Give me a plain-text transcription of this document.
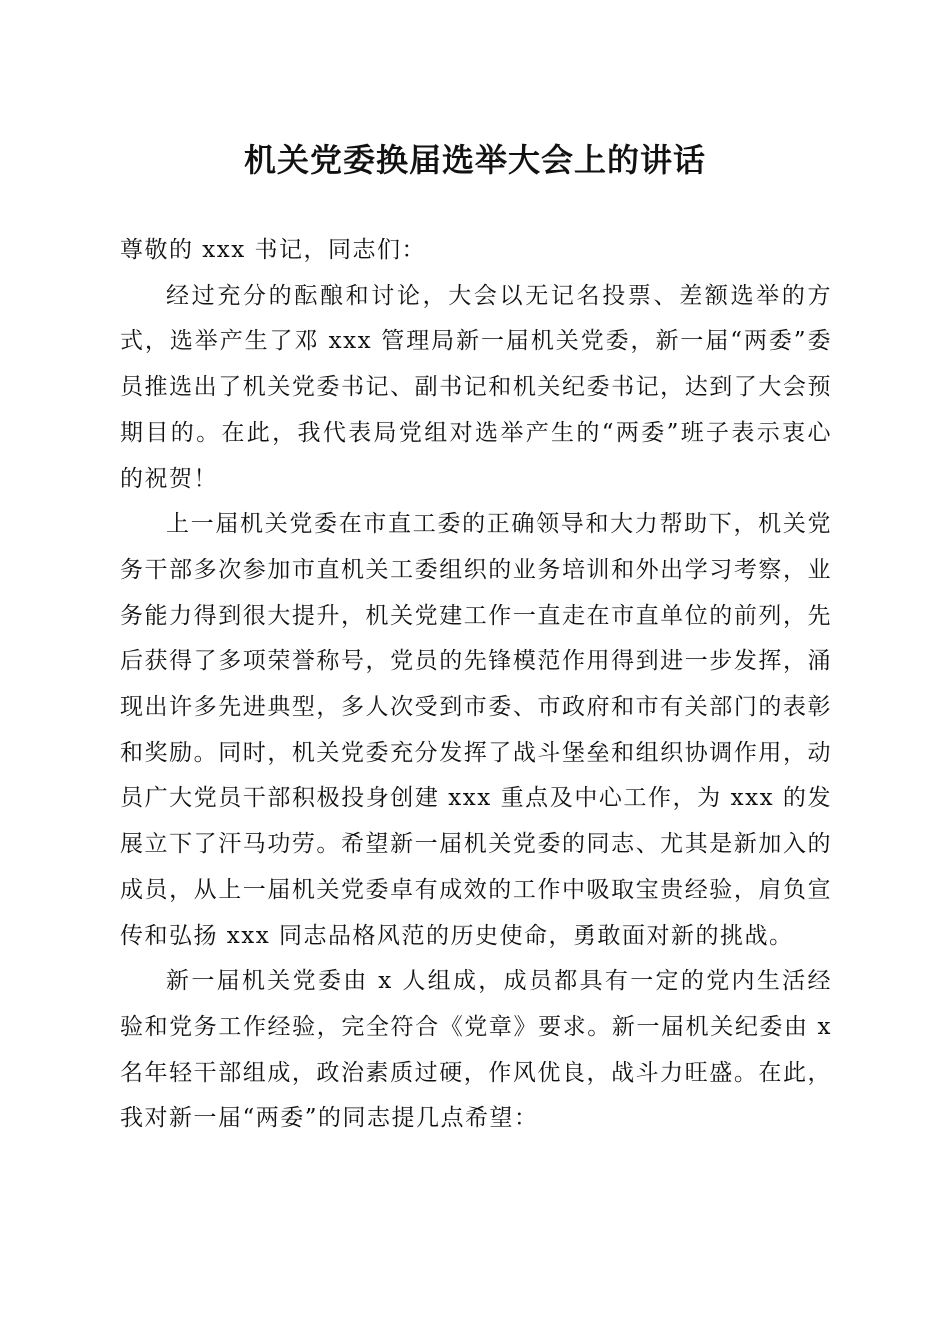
机关党委换届选举大会上的讲话

尊敬的 xxx 书记，同志们：

经过充分的酝酿和讨论，大会以无记名投票、差额选举的方式，选举产生了邓 xxx 管理局新一届机关党委，新一届“两委”委员推选出了机关党委书记、副书记和机关纪委书记，达到了大会预期目的。在此，我代表局党组对选举产生的“两委”班子表示衷心的祝贺！

上一届机关党委在市直工委的正确领导和大力帮助下，机关党务干部多次参加市直机关工委组织的业务培训和外出学习考察，业务能力得到很大提升，机关党建工作一直走在市直单位的前列，先后获得了多项荣誉称号，党员的先锋模范作用得到进一步发挥，涌现出许多先进典型，多人次受到市委、市政府和市有关部门的表彰和奖励。同时，机关党委充分发挥了战斗堡垒和组织协调作用，动员广大党员干部积极投身创建 xxx 重点及中心工作，为 xxx 的发展立下了汗马功劳。希望新一届机关党委的同志、尤其是新加入的成员，从上一届机关党委卓有成效的工作中吸取宝贵经验，肩负宣传和弘扬 xxx 同志品格风范的历史使命，勇敢面对新的挑战。

新一届机关党委由 x 人组成，成员都具有一定的党内生活经验和党务工作经验，完全符合《党章》要求。新一届机关纪委由 x 名年轻干部组成，政治素质过硬，作风优良，战斗力旺盛。在此，我对新一届“两委”的同志提几点希望：
